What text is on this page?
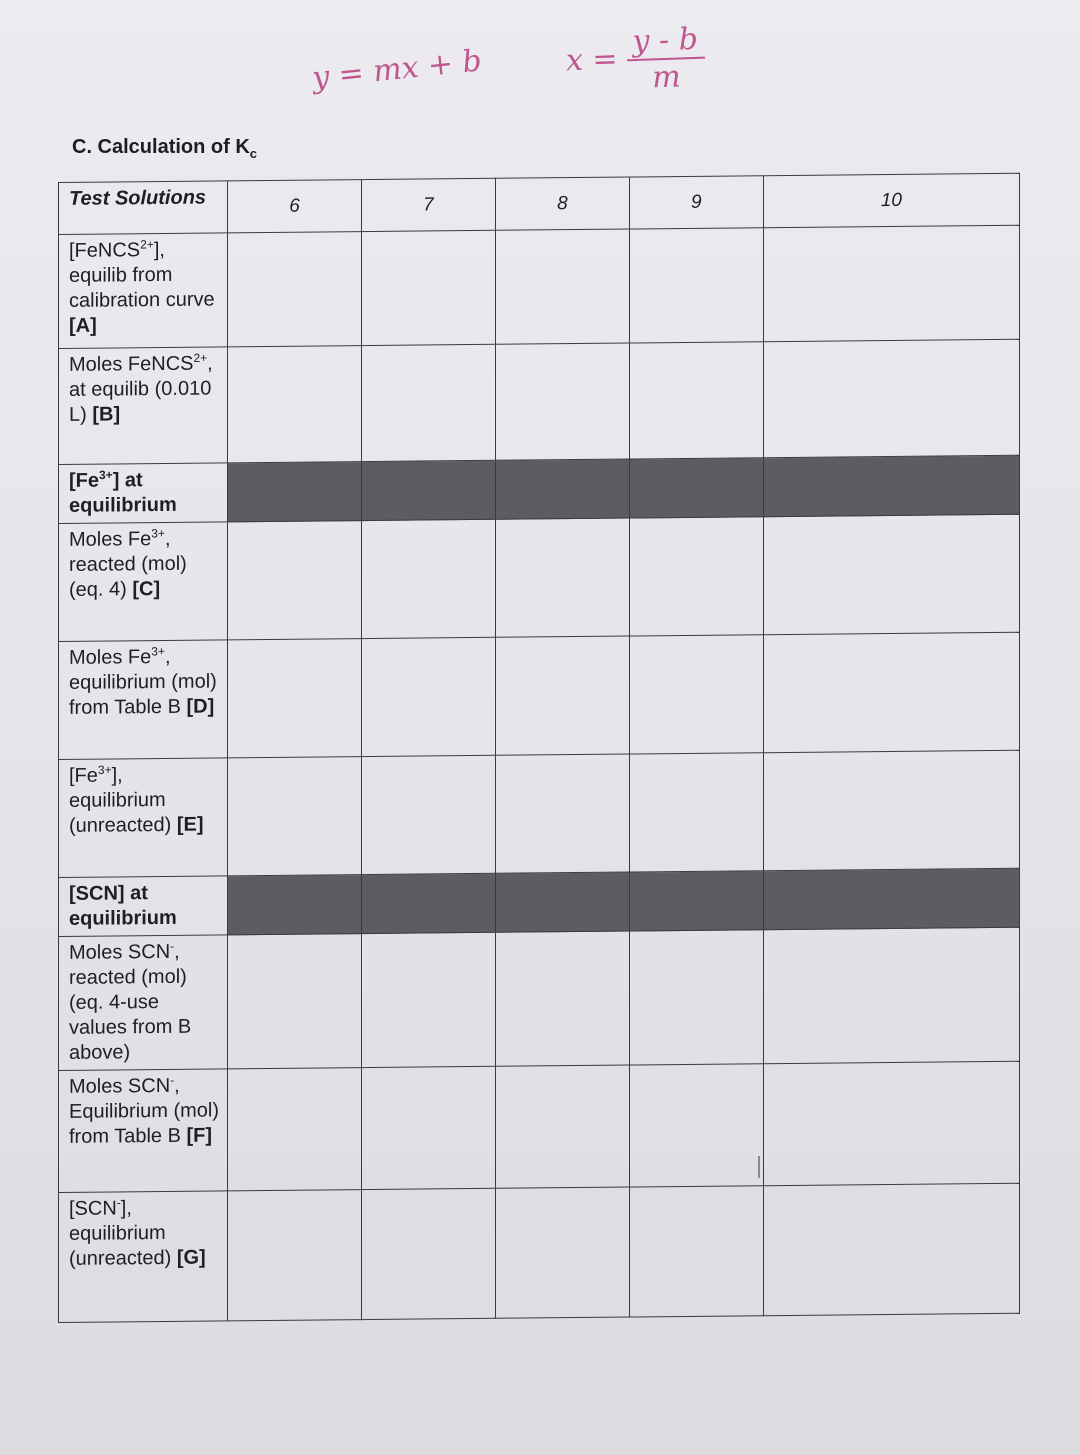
y = mx + b	$x = \frac{y - b}{m}$
C. Calculation of $K_c$
Test Solutions	6	7	8	9	10
[FeNCS$^{2+}$], equilib from calibration curve [A]					
Moles FeNCS$^{2+}$, at equilib (0.010 L) [B]					
$[Fe^{3+}]$ at equilibrium					
Moles $Fe^{3+}$, reacted (mol) (eq. 4) [C]					
Moles $Fe^{3+}$, equilibrium (mol) from Table B [D]					
$[Fe^{3+}]$, equilibrium (unreacted) [E]					
[SCN] at equilibrium					
Moles SCN-, reacted (mol) (eq. 4-use values from B above)					
Moles SCN-, Equilibrium (mol) from Table B [F]					
[SCN-], equilibrium (unreacted) [G]					
